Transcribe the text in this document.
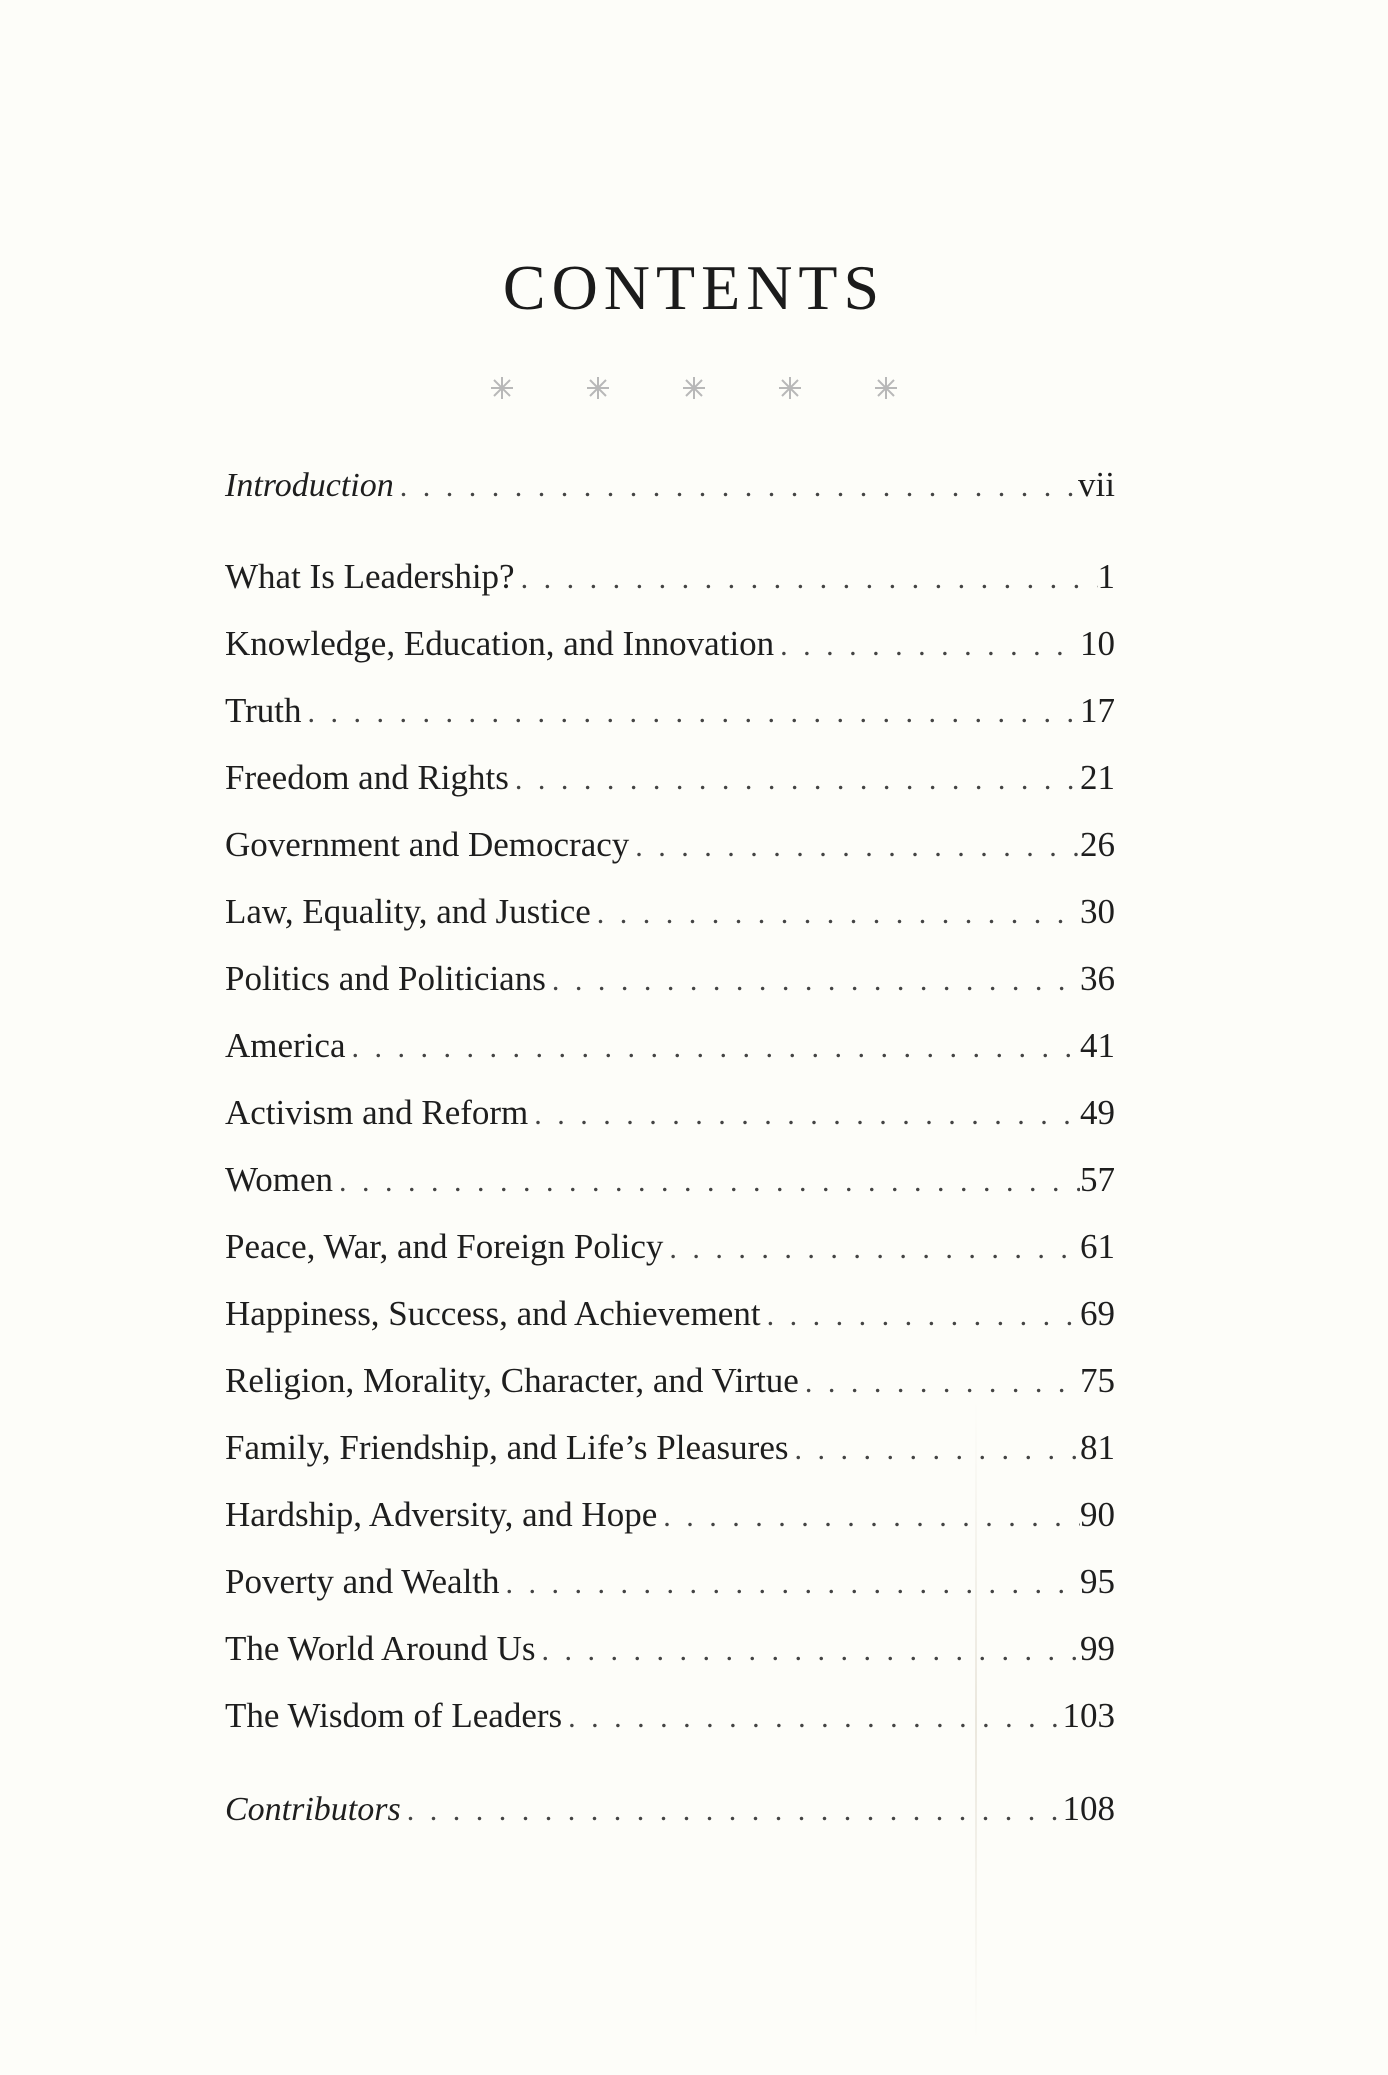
CONTENTS
Introduction . . .	vii
What Is Leadership? . . .	1
Knowledge, Education, and Innovation . . .	10
Truth . . .	17
Freedom and Rights . . .	21
Government and Democracy . . .	26
Law, Equality, and Justice . . .	30
Politics and Politicians . . .	36
America . . .	41
Activism and Reform . . .	49
Women . . .	57
Peace, War, and Foreign Policy . . .	61
Happiness, Success, and Achievement . . .	69
Religion, Morality, Character, and Virtue . . .	75
Family, Friendship, and Life’s Pleasures . . .	81
Hardship, Adversity, and Hope . . .	90
Poverty and Wealth . . .	95
The World Around Us . . .	99
The Wisdom of Leaders . . .	103
Contributors . . .	108
